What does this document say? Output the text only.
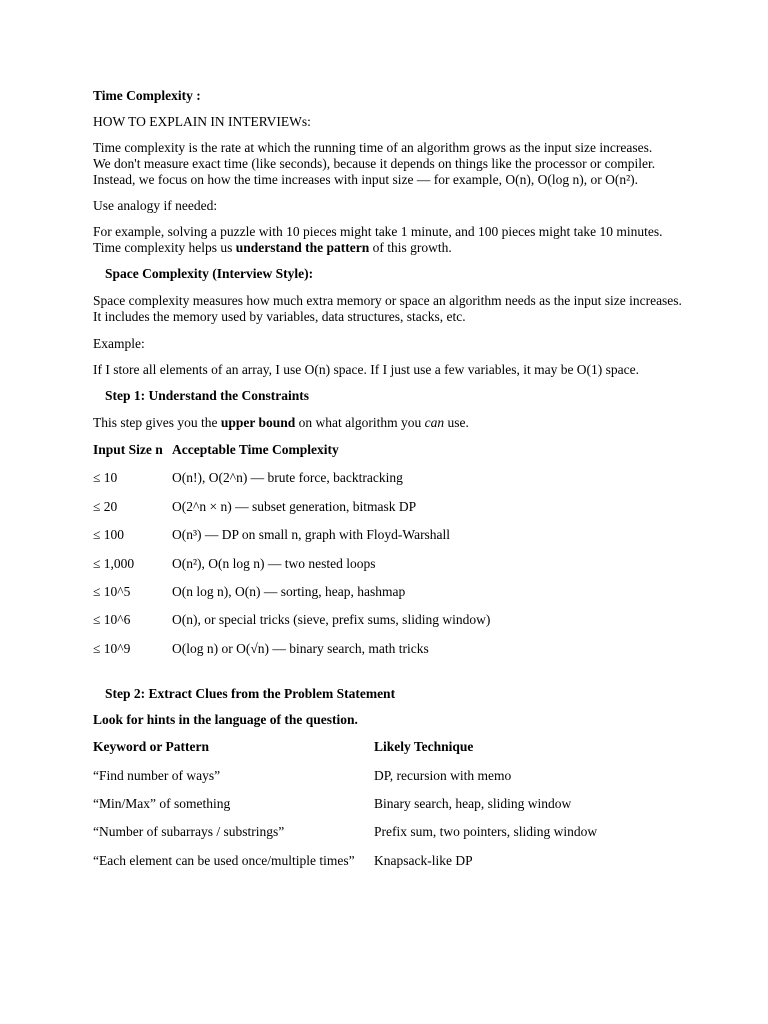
Time Complexity :

HOW TO EXPLAIN IN INTERVIEWs:

Time complexity is the rate at which the running time of an algorithm grows as the input size increases.

We don't measure exact time (like seconds), because it depends on things like the processor or compiler.

Instead, we focus on how the time increases with input size — for example, O(n), O(log n), or O(n²).

Use analogy if needed:

For example, solving a puzzle with 10 pieces might take 1 minute, and 100 pieces might take 10 minutes. Time complexity helps us understand the pattern of this growth.

Space Complexity (Interview Style):

Space complexity measures how much extra memory or space an algorithm needs as the input size increases.

It includes the memory used by variables, data structures, stacks, etc.

Example:

If I store all elements of an array, I use O(n) space. If I just use a few variables, it may be O(1) space.

Step 1: Understand the Constraints

This step gives you the upper bound on what algorithm you can use.

Input Size n	Acceptable Time Complexity
≤ 10	O(n!), O(2^n) — brute force, backtracking
≤ 20	O(2^n × n) — subset generation, bitmask DP
≤ 100	O(n³) — DP on small n, graph with Floyd-Warshall
≤ 1,000	O(n²), O(n log n) — two nested loops
≤ 10^5	O(n log n), O(n) — sorting, heap, hashmap
≤ 10^6	O(n), or special tricks (sieve, prefix sums, sliding window)
≤ 10^9	O(log n) or O(√n) — binary search, math tricks

Step 2: Extract Clues from the Problem Statement

Look for hints in the language of the question.

Keyword or Pattern	Likely Technique
“Find number of ways”	DP, recursion with memo
“Min/Max” of something	Binary search, heap, sliding window
“Number of subarrays / substrings”	Prefix sum, two pointers, sliding window
“Each element can be used once/multiple times”	Knapsack-like DP
